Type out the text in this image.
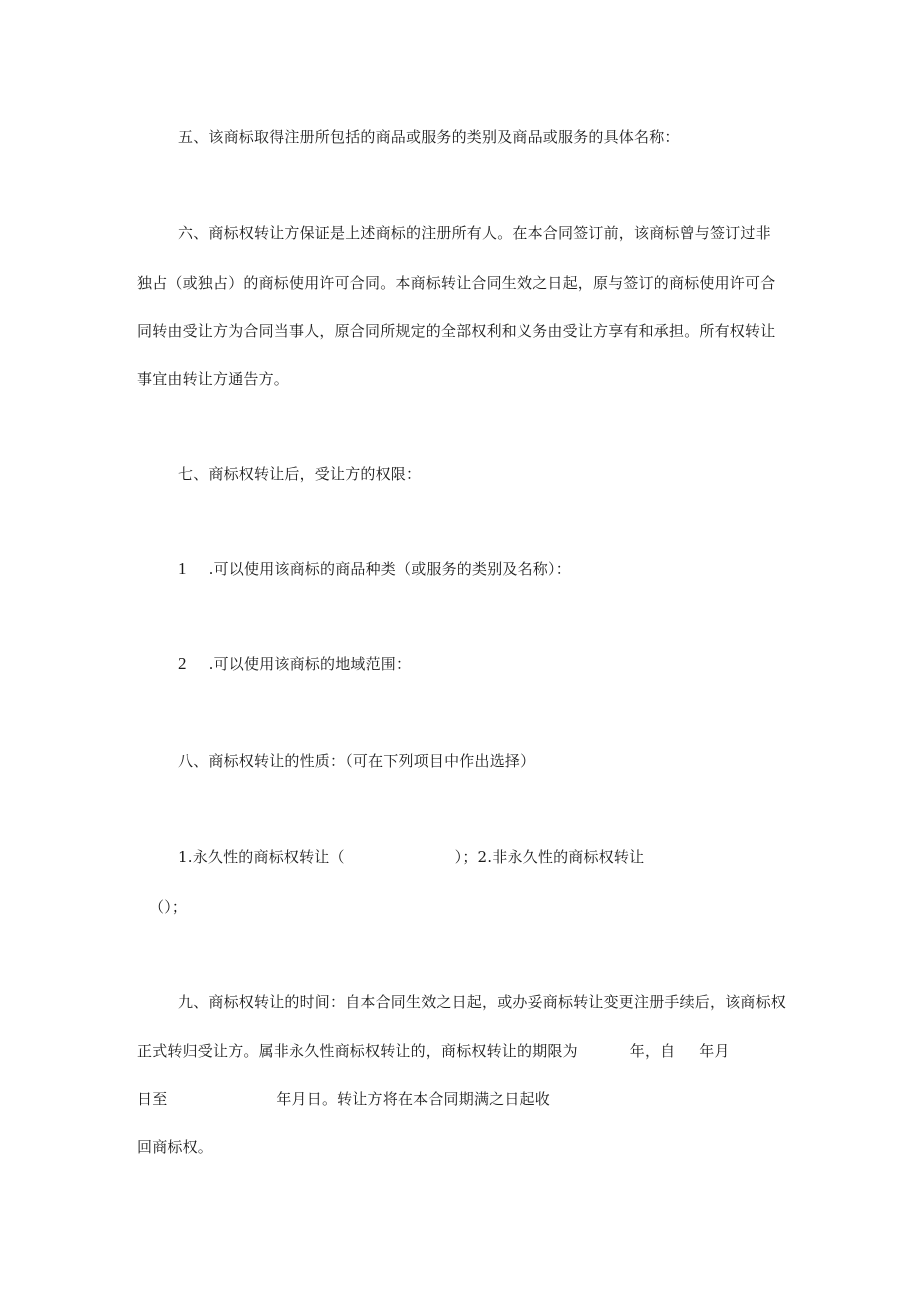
五、该商标取得注册所包括的商品或服务的类别及商品或服务的具体名称：
六、商标权转让方保证是上述商标的注册所有人。在本合同签订前，该商标曾与签订过非
独占（或独占）的商标使用许可合同。本商标转让合同生效之日起，原与签订的商标使用许可合
同转由受让方为合同当事人，原合同所规定的全部权利和义务由受让方享有和承担。所有权转让
事宜由转让方通告方。
七、商标权转让后，受让方的权限：
1 .可以使用该商标的商品种类（或服务的类别及名称）：
2 .可以使用该商标的地域范围：
八、商标权转让的性质：（可在下列项目中作出选择）
1.永久性的商标权转让（	）；2.非永久性的商标权转让
（）；
九、商标权转让的时间：自本合同生效之日起，或办妥商标转让变更注册手续后，该商标权
正式转归受让方。属非永久性商标权转让的，商标权转让的期限为	年，自 年月
日至	年月日。转让方将在本合同期满之日起收
回商标权。
